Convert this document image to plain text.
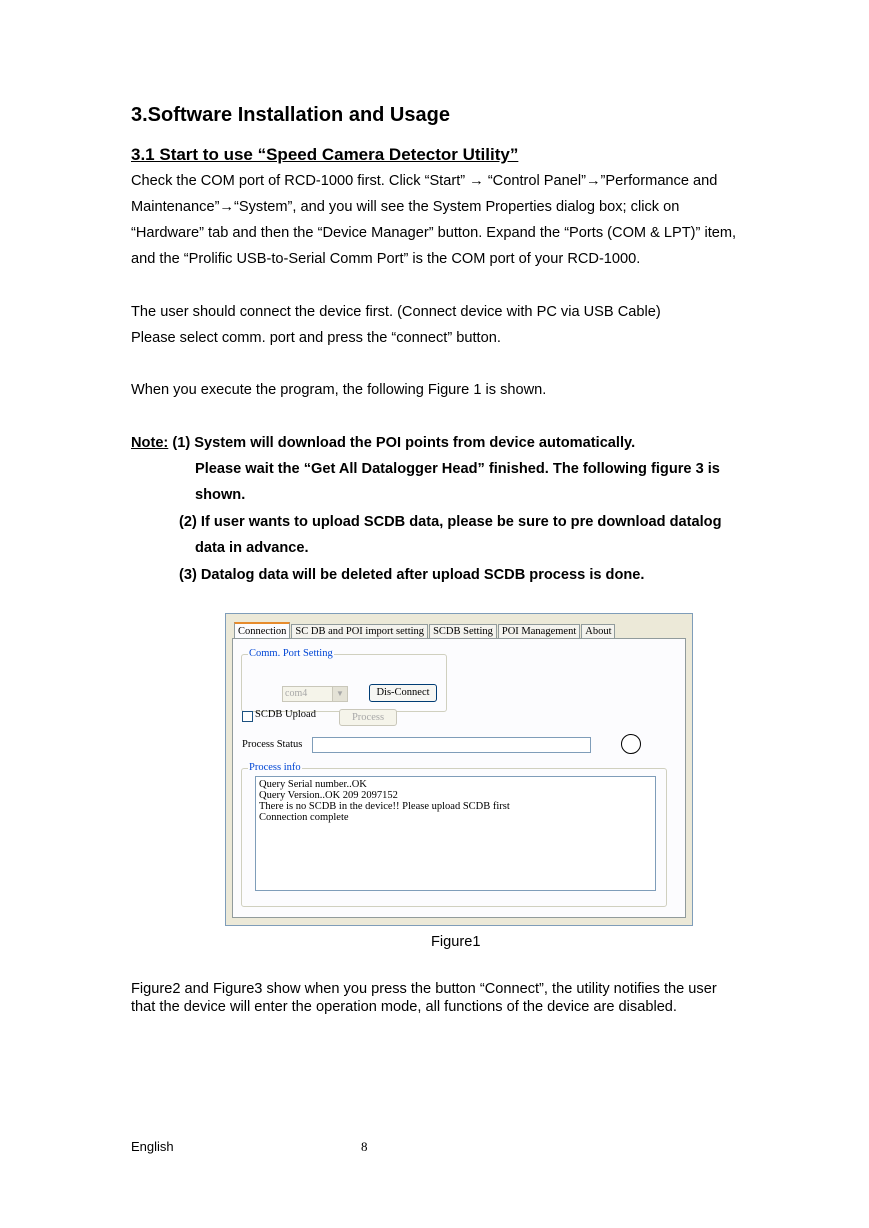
3.Software Installation and Usage
3.1 Start to use “Speed Camera Detector Utility”
Check the COM port of RCD-1000 first. Click “Start” → “Control Panel”→”Performance and
Maintenance”→“System”, and you will see the System Properties dialog box; click on
“Hardware” tab and then the “Device Manager” button. Expand the “Ports (COM & LPT)” item,
and the “Prolific USB-to-Serial Comm Port” is the COM port of your RCD-1000.
The user should connect the device first. (Connect device with PC via USB Cable)
Please select comm. port and press the “connect” button.
When you execute the program, the following Figure 1 is shown.
Note: (1) System will download the POI points from device automatically.
Please wait the “Get All Datalogger Head” finished. The following figure 3 is
shown.
(2) If user wants to upload SCDB data, please be sure to pre download datalog
data in advance.
(3) Datalog data will be deleted after upload SCDB process is done.
Connection SC DB and POI import setting SCDB Setting POI Management About
Comm. Port Setting
com4	▼	Dis-Connect
SCDB Upload	Process
Process Status
Process info
Query Serial number..OK
Query Version..OK 209 2097152
There is no SCDB in the device!! Please upload SCDB first
Connection complete
Figure1
Figure2 and Figure3 show when you press the button “Connect”, the utility notifies the user
that the device will enter the operation mode, all functions of the device are disabled.
English	8
